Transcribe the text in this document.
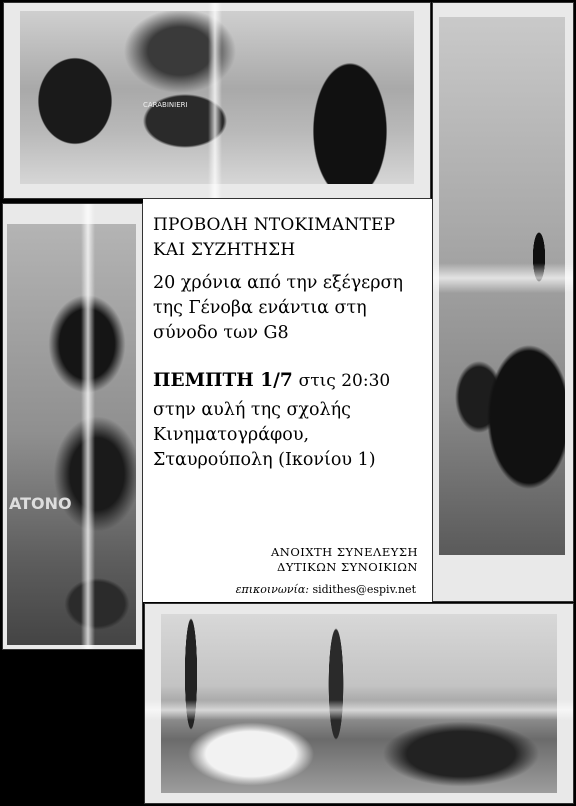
CARABINIERI
ATONO
ΠΡΟΒΟΛΗ ΝΤΟΚΙΜΑΝΤΕΡ
ΚΑΙ ΣΥΖΗΤΗΣΗ
20 χρόνια από την εξέγερση
της Γένοβα ενάντια στη
σύνοδο των G8
ΠΕΜΠΤΗ 1/7 στις 20:30
στην αυλή της σχολής
Κινηματογράφου,
Σταυρούπολη (Ικονίου 1)
ΑΝΟΙΧΤΗ ΣΥΝΕΛΕΥΣΗ
ΔΥΤΙΚΩΝ ΣΥΝΟΙΚΙΩΝ
επικοινωνία: sidithes@espiv.net
